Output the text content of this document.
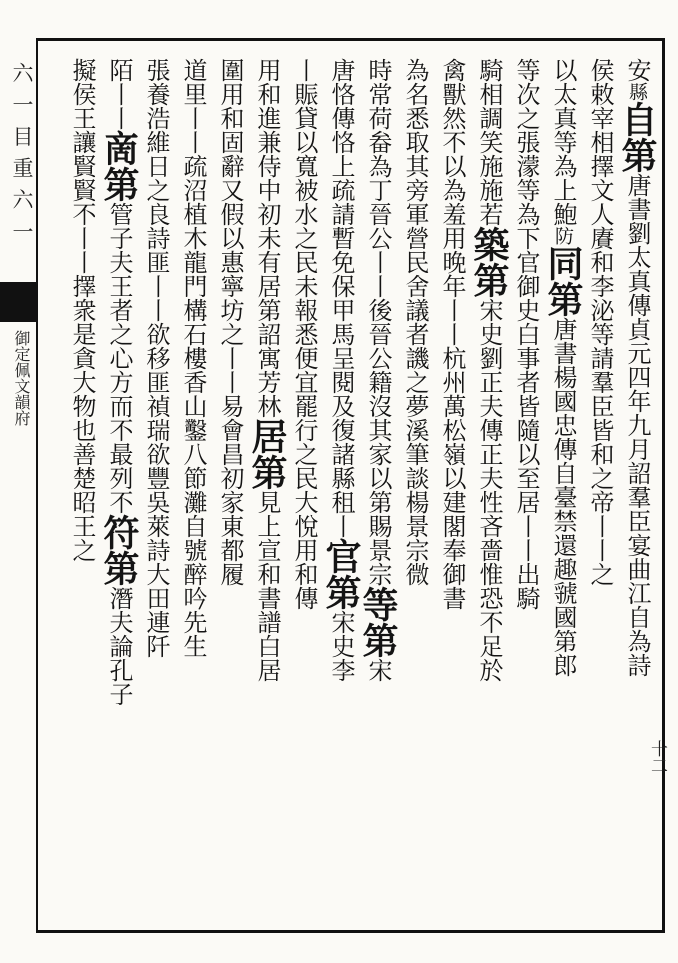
六 一 目 重 六 一
御定佩文韻府
十二
安
縣
自
第
唐書劉太真傳貞元四年九月詔羣臣宴曲江自為詩
侯
敕宰相擇文人賡和李泌等請羣臣皆和之帝丨丨之
以太真等為上
鮑
防
同
第
唐書楊國忠傳自臺禁還趣虢國第郎
等次之張濛等為下
官御史白事者皆隨以至居丨丨出騎
騎相調笑施施若
築
第
宋史劉正夫傳正夫性吝嗇惟恐不足於
禽獸然不以為羞
用晚年丨丨杭州萬松嶺以建閣奉御書
為名悉取其旁軍營民舍議者譏之夢溪筆談楊景宗微
時常荷畚為丁晉公丨丨後晉公籍沒其家以第賜景宗
等
第
宋
唐恪傳恪上疏請暫免保甲馬呈閱及復諸縣租丨
官
第
宋史李
丨賑貸以寬被水之民未報悉便宜罷行之民大悅
用和傳
用和進兼侍中初未有居第詔寓芳林
居
第
見上宣和書譜白居
圍用和固辭又假以惠寧坊之丨丨
易會昌初家東都履
道里丨丨疏沼植木龍門構石樓香山鑿八節灘自號醉吟先生
張養浩維日之良詩匪丨丨欲移匪禎瑞欲豐吳萊詩大田連阡
陌丨丨
啇
第
管子夫王者之心方而不最列不
符
第
潛夫論孔子
擬侯王
讓賢賢不丨丨擇衆是貪大物也
善楚昭王之
